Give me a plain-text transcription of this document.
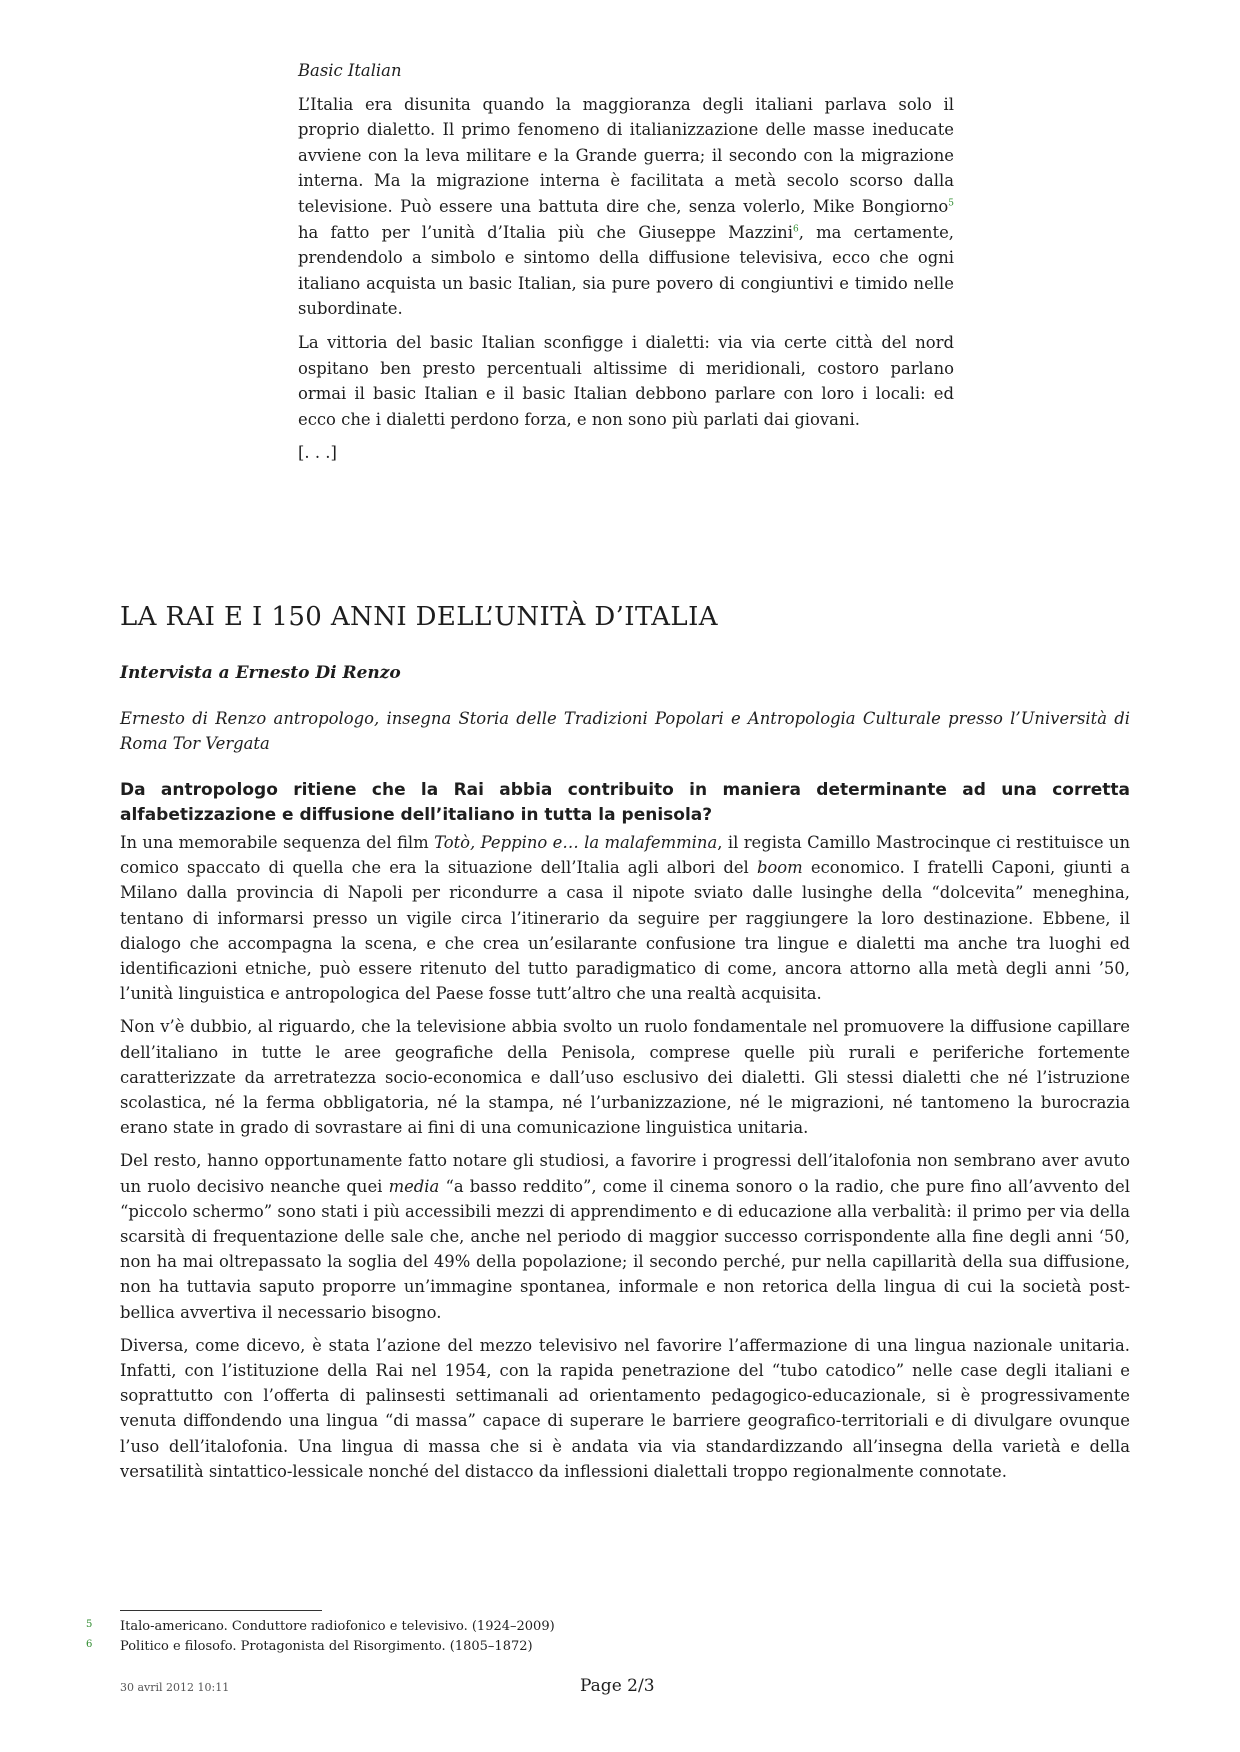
Basic Italian

L’Italia era disunita quando la maggioranza degli italiani parlava solo il proprio dialetto. Il primo fenomeno di italianizzazione delle masse ineducate avviene con la leva militare e la Grande guerra; il secondo con la migrazione interna. Ma la migrazione interna è facilitata a metà secolo scorso dalla televisione. Può essere una battuta dire che, senza volerlo, Mike Bongiorno$^5$ ha fatto per l’unità d’Italia più che Giuseppe Mazzini$^6$, ma certamente, prendendolo a simbolo e sintomo della diffusione televisiva, ecco che ogni italiano acquista un basic Italian, sia pure povero di congiuntivi e timido nelle subordinate.

La vittoria del basic Italian sconfigge i dialetti: via via certe città del nord ospitano ben presto percentuali altissime di meridionali, costoro parlano ormai il basic Italian e il basic Italian debbono parlare con loro i locali: ed ecco che i dialetti perdono forza, e non sono più parlati dai giovani.

[. . .]

LA RAI E I 150 ANNI DELL’UNITÀ D’ITALIA

Intervista a Ernesto Di Renzo

Ernesto di Renzo antropologo, insegna Storia delle Tradizioni Popolari e Antropologia Culturale presso l’Università di Roma Tor Vergata

Da antropologo ritiene che la Rai abbia contribuito in maniera determinante ad una corretta alfabetizzazione e diffusione dell’italiano in tutta la penisola?

In una memorabile sequenza del film Totò, Peppino e… la malafemmina, il regista Camillo Mastrocinque ci restituisce un comico spaccato di quella che era la situazione dell’Italia agli albori del boom economico. I fratelli Caponi, giunti a Milano dalla provincia di Napoli per ricondurre a casa il nipote sviato dalle lusinghe della “dolcevita” meneghina, tentano di informarsi presso un vigile circa l’itinerario da seguire per raggiungere la loro destinazione. Ebbene, il dialogo che accompagna la scena, e che crea un’esilarante confusione tra lingue e dialetti ma anche tra luoghi ed identificazioni etniche, può essere ritenuto del tutto paradigmatico di come, ancora attorno alla metà degli anni ’50, l’unità linguistica e antropologica del Paese fosse tutt’altro che una realtà acquisita.

Non v’è dubbio, al riguardo, che la televisione abbia svolto un ruolo fondamentale nel promuovere la diffusione capillare dell’italiano in tutte le aree geografiche della Penisola, comprese quelle più rurali e periferiche fortemente caratterizzate da arretratezza socio-economica e dall’uso esclusivo dei dialetti. Gli stessi dialetti che né l’istruzione scolastica, né la ferma obbligatoria, né la stampa, né l’urbanizzazione, né le migrazioni, né tantomeno la burocrazia erano state in grado di sovrastare ai fini di una comunicazione linguistica unitaria.

Del resto, hanno opportunamente fatto notare gli studiosi, a favorire i progressi dell’italofonia non sembrano aver avuto un ruolo decisivo neanche quei media “a basso reddito”, come il cinema sonoro o la radio, che pure fino all’avvento del “piccolo schermo” sono stati i più accessibili mezzi di apprendimento e di educazione alla verbalità: il primo per via della scarsità di frequentazione delle sale che, anche nel periodo di maggior successo corrispondente alla fine degli anni ‘50, non ha mai oltrepassato la soglia del 49% della popolazione; il secondo perché, pur nella capillarità della sua diffusione, non ha tuttavia saputo proporre un’immagine spontanea, informale e non retorica della lingua di cui la società post-bellica avvertiva il necessario bisogno.

Diversa, come dicevo, è stata l’azione del mezzo televisivo nel favorire l’affermazione di una lingua nazionale unitaria. Infatti, con l’istituzione della Rai nel 1954, con la rapida penetrazione del “tubo catodico” nelle case degli italiani e soprattutto con l’offerta di palinsesti settimanali ad orientamento pedagogico-educazionale, si è progressivamente venuta diffondendo una lingua “di massa” capace di superare le barriere geografico-territoriali e di divulgare ovunque l’uso dell’italofonia. Una lingua di massa che si è andata via via standardizzando all’insegna della varietà e della versatilità sintattico-lessicale nonché del distacco da inflessioni dialettali troppo regionalmente connotate.

5	Italo-americano. Conduttore radiofonico e televisivo. (1924–2009)
6	Politico e filosofo. Protagonista del Risorgimento. (1805–1872)
30 avril 2012 10:11	Page 2/3
